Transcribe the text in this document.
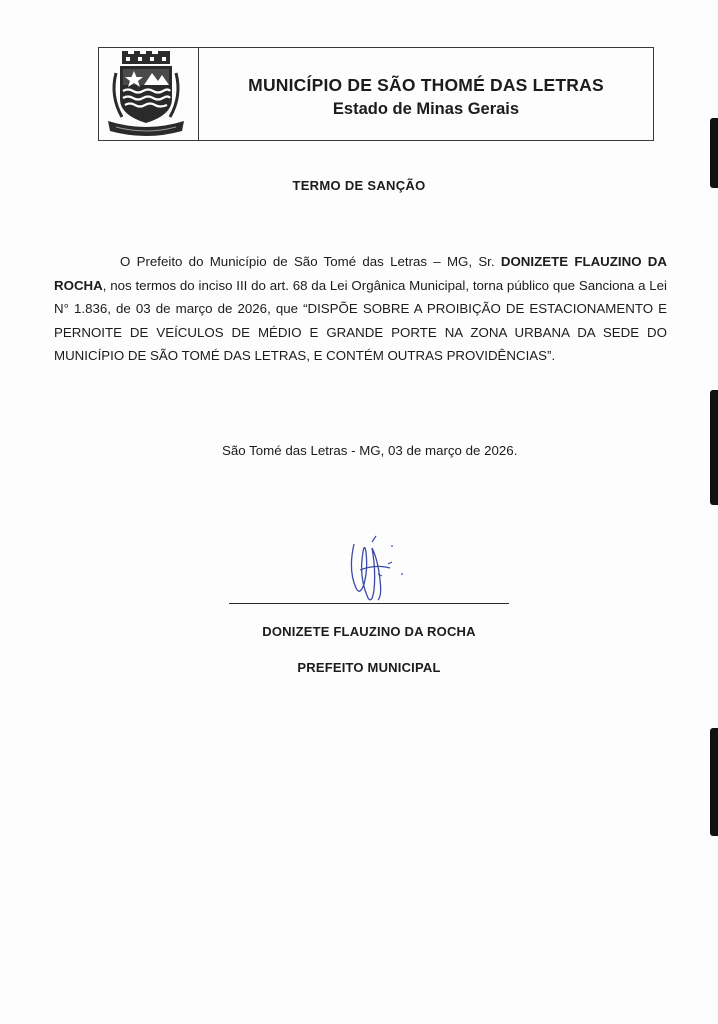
MUNICÍPIO DE SÃO THOMÉ DAS LETRAS
Estado de Minas Gerais
TERMO DE SANÇÃO
O Prefeito do Município de São Tomé das Letras – MG, Sr. DONIZETE FLAUZINO DA ROCHA, nos termos do inciso III do art. 68 da Lei Orgânica Municipal, torna público que Sanciona a Lei N° 1.836, de 03 de março de 2026, que “DISPÕE SOBRE A PROIBIÇÃO DE ESTACIONAMENTO E PERNOITE DE VEÍCULOS DE MÉDIO E GRANDE PORTE NA ZONA URBANA DA SEDE DO MUNICÍPIO DE SÃO TOMÉ DAS LETRAS, E CONTÉM OUTRAS PROVIDÊNCIAS”.
São Tomé das Letras - MG, 03 de março de 2026.
DONIZETE FLAUZINO DA ROCHA
PREFEITO MUNICIPAL
